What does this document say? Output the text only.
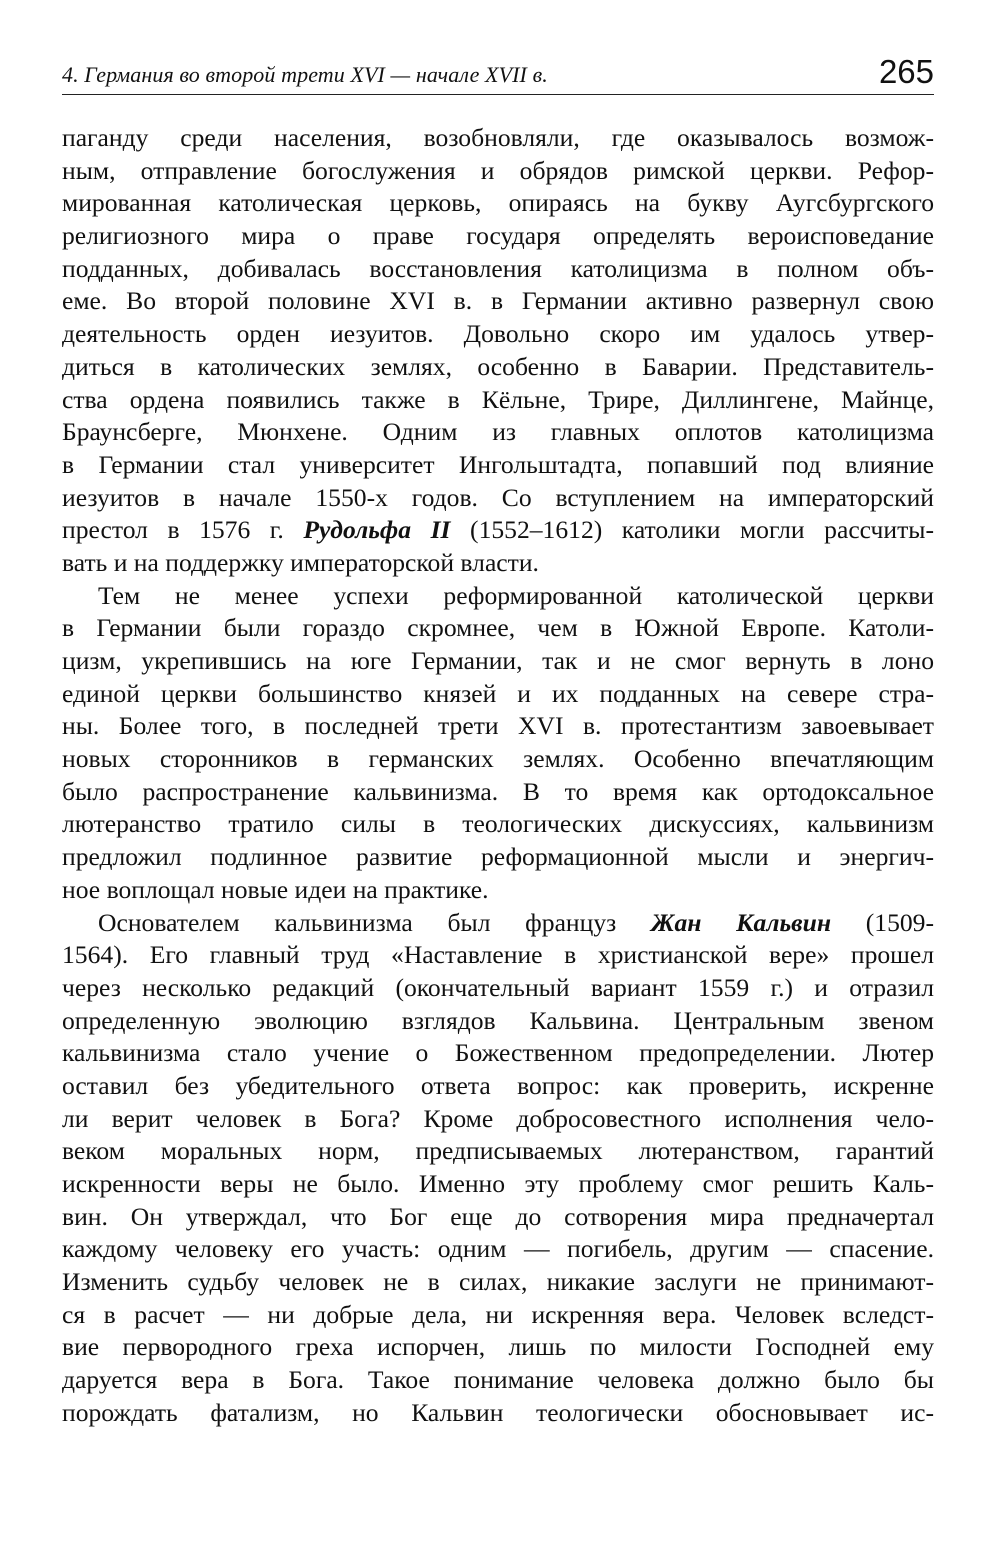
4. Германия во второй трети XVI — начале XVII в.	265
паганду среди населения, возобновляли, где оказывалось возмож-
ным, отправление богослужения и обрядов римской церкви. Рефор-
мированная католическая церковь, опираясь на букву Аугсбургского
религиозного мира о праве государя определять вероисповедание
подданных, добивалась восстановления католицизма в полном объ-
еме. Во второй половине XVI в. в Германии активно развернул свою
деятельность орден иезуитов. Довольно скоро им удалось утвер-
диться в католических землях, особенно в Баварии. Представитель-
ства ордена появились также в Кёльне, Трире, Диллингене, Майнце,
Браунсберге, Мюнхене. Одним из главных оплотов католицизма
в Германии стал университет Ингольштадта, попавший под влияние
иезуитов в начале 1550-х годов. Со вступлением на императорский
престол в 1576 г. Рудольфа II (1552–1612) католики могли рассчиты-
вать и на поддержку императорской власти.
Тем не менее успехи реформированной католической церкви
в Германии были гораздо скромнее, чем в Южной Европе. Католи-
цизм, укрепившись на юге Германии, так и не смог вернуть в лоно
единой церкви большинство князей и их подданных на севере стра-
ны. Более того, в последней трети XVI в. протестантизм завоевывает
новых сторонников в германских землях. Особенно впечатляющим
было распространение кальвинизма. В то время как ортодоксальное
лютеранство тратило силы в теологических дискуссиях, кальвинизм
предложил подлинное развитие реформационной мысли и энергич-
ное воплощал новые идеи на практике.
Основателем кальвинизма был француз Жан Кальвин (1509-
1564). Его главный труд «Наставление в христианской вере» прошел
через несколько редакций (окончательный вариант 1559 г.) и отразил
определенную эволюцию взглядов Кальвина. Центральным звеном
кальвинизма стало учение о Божественном предопределении. Лютер
оставил без убедительного ответа вопрос: как проверить, искренне
ли верит человек в Бога? Кроме добросовестного исполнения чело-
веком моральных норм, предписываемых лютеранством, гарантий
искренности веры не было. Именно эту проблему смог решить Каль-
вин. Он утверждал, что Бог еще до сотворения мира предначертал
каждому человеку его участь: одним — погибель, другим — спасение.
Изменить судьбу человек не в силах, никакие заслуги не принимают-
ся в расчет — ни добрые дела, ни искренняя вера. Человек вследст-
вие первородного греха испорчен, лишь по милости Господней ему
даруется вера в Бога. Такое понимание человека должно было бы
порождать фатализм, но Кальвин теологически обосновывает ис-
